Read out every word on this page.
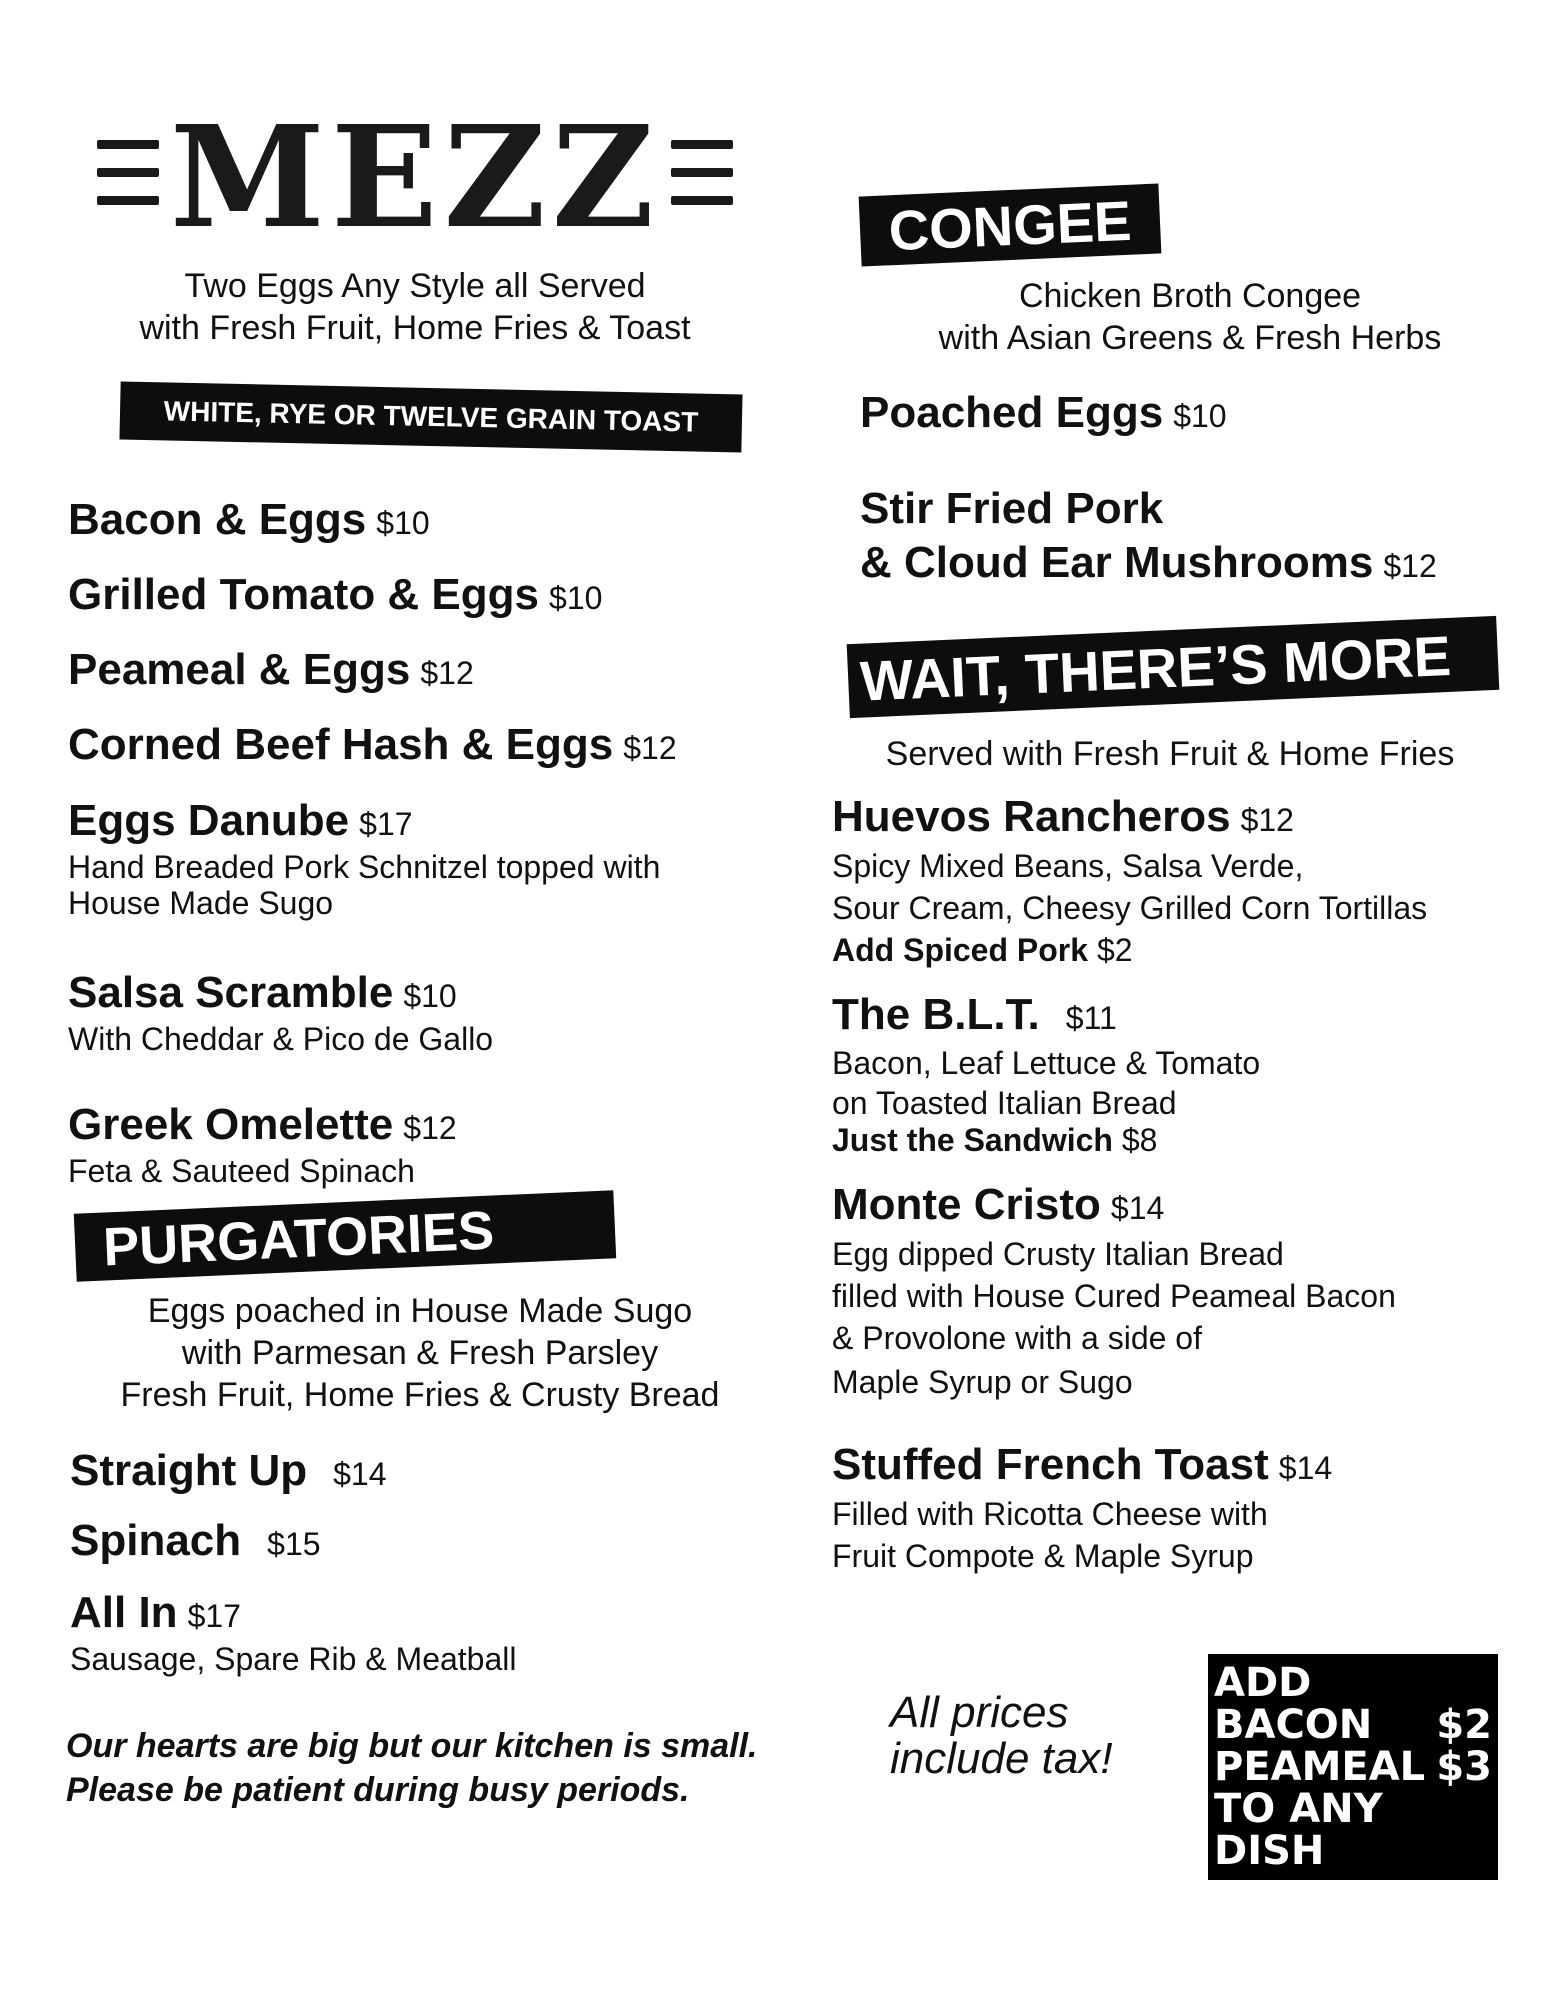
MEZZ
Two Eggs Any Style all Served
with Fresh Fruit, Home Fries & Toast
WHITE, RYE OR TWELVE GRAIN TOAST
Bacon & Eggs $10
Grilled Tomato & Eggs $10
Peameal & Eggs $12
Corned Beef Hash & Eggs $12
Eggs Danube $17
Hand Breaded Pork Schnitzel topped with
House Made Sugo
Salsa Scramble $10
With Cheddar & Pico de Gallo
Greek Omelette $12
Feta & Sauteed Spinach
PURGATORIES
Eggs poached in House Made Sugo
with Parmesan & Fresh Parsley
Fresh Fruit, Home Fries & Crusty Bread
Straight Up $14
Spinach $15
All In $17
Sausage, Spare Rib & Meatball
Our hearts are big but our kitchen is small.
Please be patient during busy periods.
CONGEE
Chicken Broth Congee
with Asian Greens & Fresh Herbs
Poached Eggs $10
Stir Fried Pork
& Cloud Ear Mushrooms $12
WAIT, THERE’S MORE
Served with Fresh Fruit & Home Fries
Huevos Rancheros $12
Spicy Mixed Beans, Salsa Verde,
Sour Cream, Cheesy Grilled Corn Tortillas
Add Spiced Pork $2
The B.L.T. $11
Bacon, Leaf Lettuce & Tomato
on Toasted Italian Bread
Just the Sandwich $8
Monte Cristo $14
Egg dipped Crusty Italian Bread
filled with House Cured Peameal Bacon
& Provolone with a side of
Maple Syrup or Sugo
Stuffed French Toast $14
Filled with Ricotta Cheese with
Fruit Compote & Maple Syrup
All prices
include tax!
ADD
BACON $2
PEAMEAL $3
TO ANY DISH
